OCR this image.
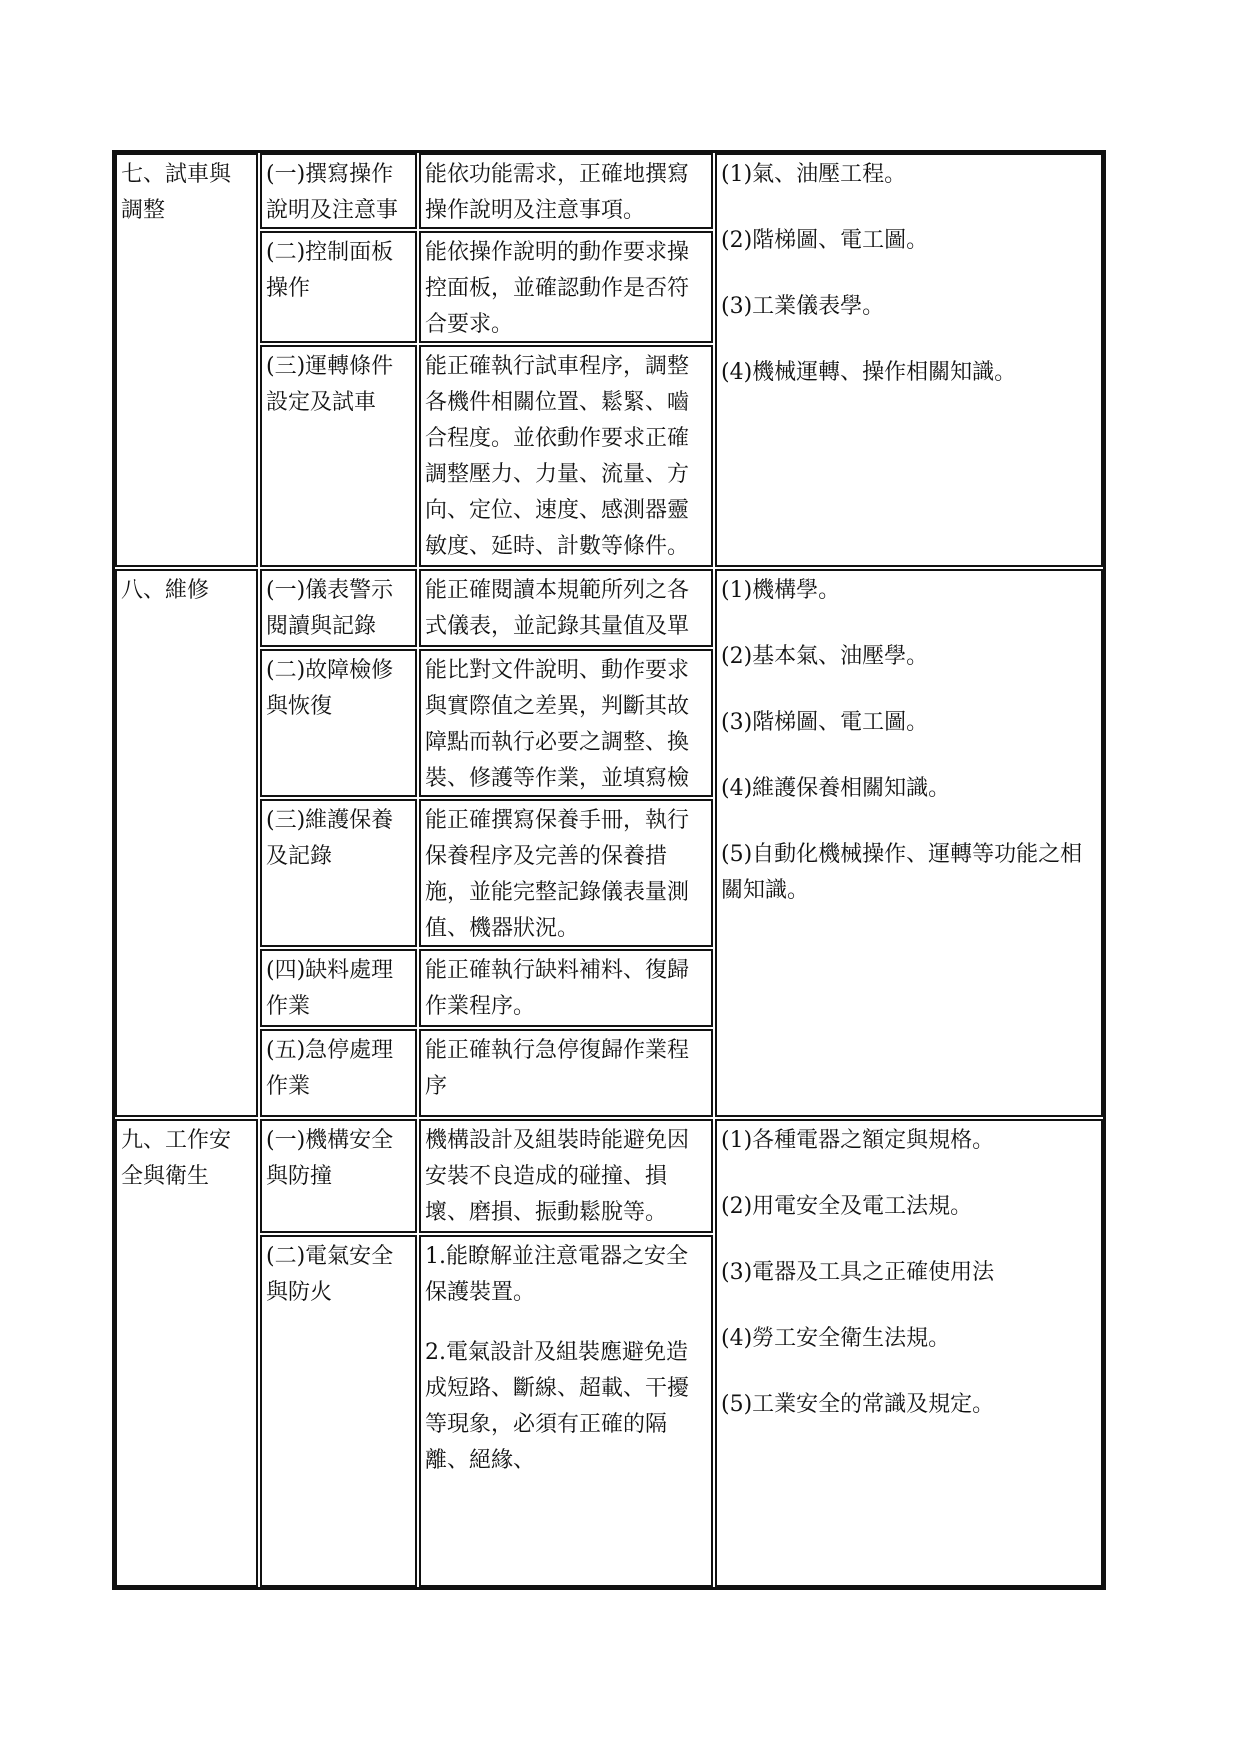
七、試車與調整
(一)撰寫操作說明及注意事
能依功能需求，正確地撰寫操作說明及注意事項。
(二)控制面板操作
能依操作說明的動作要求操控面板，並確認動作是否符合要求。
(三)運轉條件設定及試車
能正確執行試車程序，調整各機件相關位置、鬆緊、嚙合程度。並依動作要求正確調整壓力、力量、流量、方向、定位、速度、感測器靈敏度、延時、計數等條件。

(1)氣、油壓工程。

(2)階梯圖、電工圖。

(3)工業儀表學。

(4)機械運轉、操作相關知識。

八、維修	(一)儀表警示閱讀與記錄
能正確閱讀本規範所列之各式儀表，並記錄其量值及單
(二)故障檢修與恢復
能比對文件說明、動作要求與實際值之差異，判斷其故障點而執行必要之調整、換裝、修護等作業，並填寫檢
(三)維護保養及記錄
能正確撰寫保養手冊，執行保養程序及完善的保養措施，並能完整記錄儀表量測值、機器狀況。
(四)缺料處理作業
能正確執行缺料補料、復歸作業程序。
(五)急停處理作業
能正確執行急停復歸作業程序

(1)機構學。

(2)基本氣、油壓學。

(3)階梯圖、電工圖。

(4)維護保養相關知識。

(5)自動化機械操作、運轉等功能之相關知識。

九、工作安全與衛生
(一)機構安全與防撞
機構設計及組裝時能避免因安裝不良造成的碰撞、損壞、磨損、振動鬆脫等。
(二)電氣安全與防火

1.能瞭解並注意電器之安全保護裝置。

2.電氣設計及組裝應避免造成短路、斷線、超載、干擾等現象，必須有正確的隔離、絕緣、

(1)各種電器之額定與規格。

(2)用電安全及電工法規。

(3)電器及工具之正確使用法

(4)勞工安全衛生法規。

(5)工業安全的常識及規定。
